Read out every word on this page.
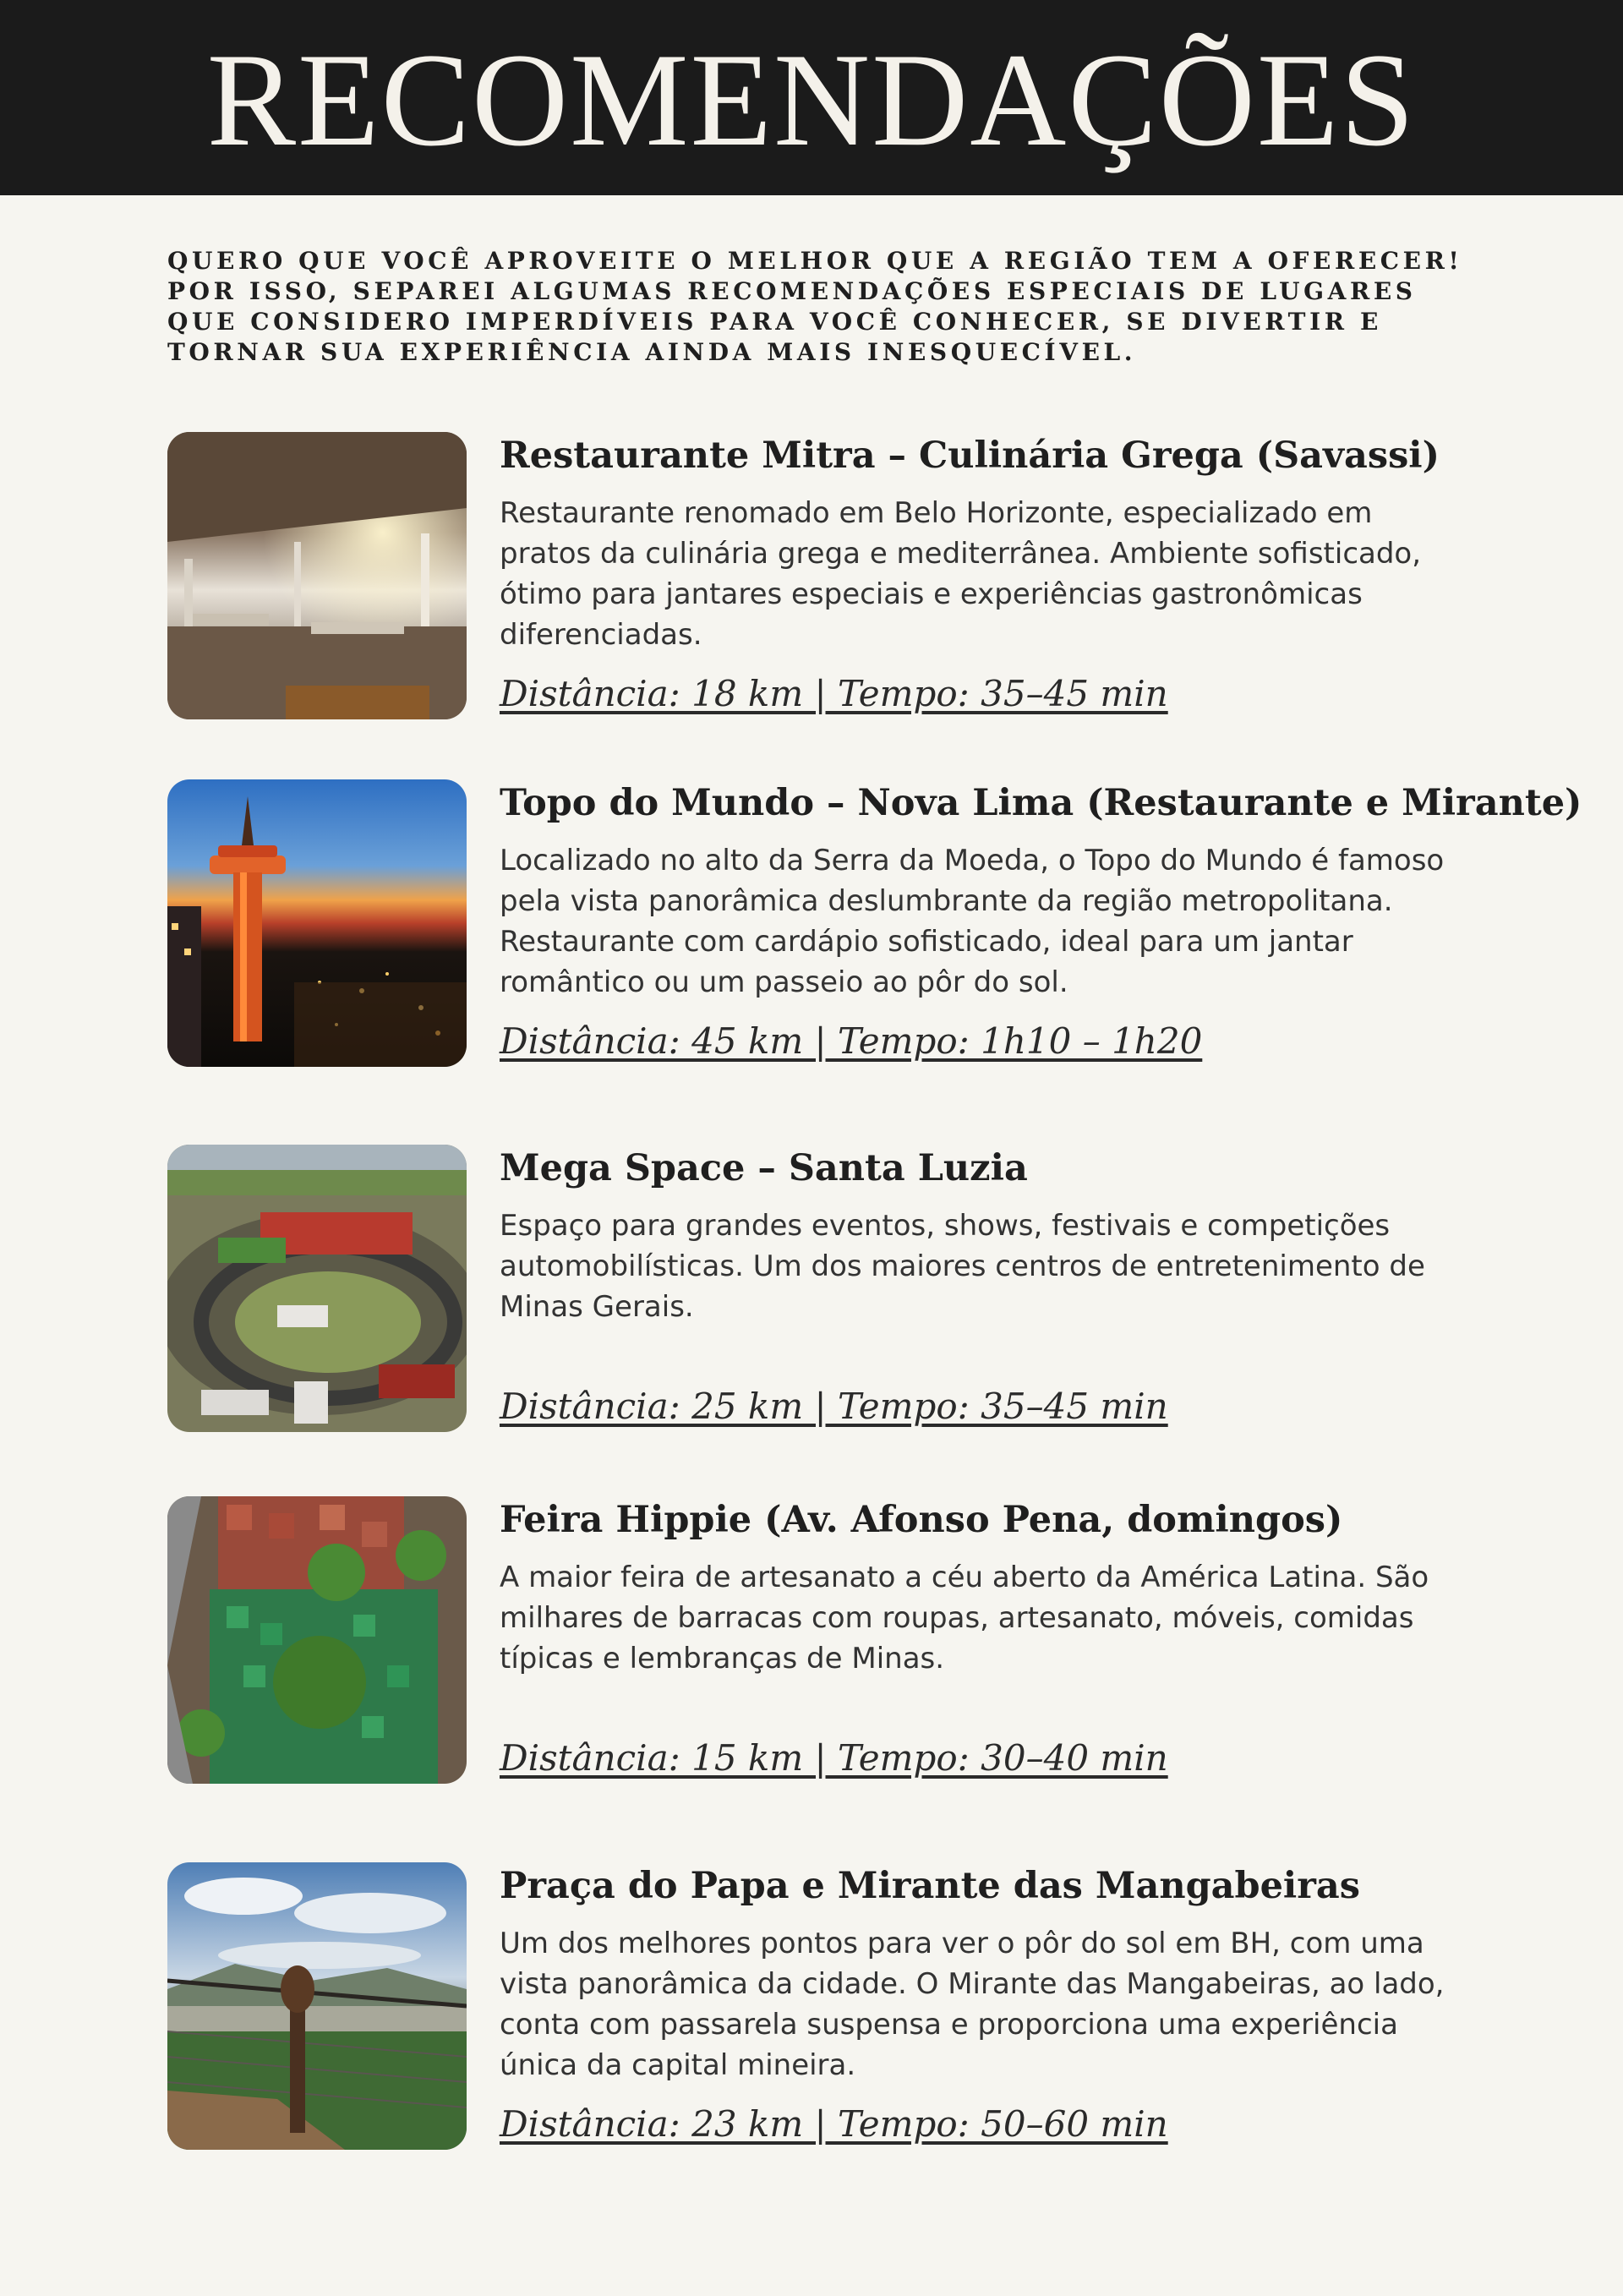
RECOMENDAÇÕES
QUERO QUE VOCÊ APROVEITE O MELHOR QUE A REGIÃO TEM A OFERECER! POR ISSO, SEPAREI ALGUMAS RECOMENDAÇÕES ESPECIAIS DE LUGARES QUE CONSIDERO IMPERDÍVEIS PARA VOCÊ CONHECER, SE DIVERTIR E TORNAR SUA EXPERIÊNCIA AINDA MAIS INESQUECÍVEL.
Restaurante Mitra – Culinária Grega (Savassi)
Restaurante renomado em Belo Horizonte, especializado em pratos da culinária grega e mediterrânea. Ambiente sofisticado, ótimo para jantares especiais e experiências gastronômicas diferenciadas.
Distância: 18 km | Tempo: 35–45 min
Topo do Mundo – Nova Lima (Restaurante e Mirante)
Localizado no alto da Serra da Moeda, o Topo do Mundo é famoso pela vista panorâmica deslumbrante da região metropolitana. Restaurante com cardápio sofisticado, ideal para um jantar romântico ou um passeio ao pôr do sol.
Distância: 45 km | Tempo: 1h10 – 1h20
Mega Space – Santa Luzia
Espaço para grandes eventos, shows, festivais e competições automobilísticas. Um dos maiores centros de entretenimento de Minas Gerais.
Distância: 25 km | Tempo: 35–45 min
Feira Hippie (Av. Afonso Pena, domingos)
A maior feira de artesanato a céu aberto da América Latina. São milhares de barracas com roupas, artesanato, móveis, comidas típicas e lembranças de Minas.
Distância: 15 km | Tempo: 30–40 min
Praça do Papa e Mirante das Mangabeiras
Um dos melhores pontos para ver o pôr do sol em BH, com uma vista panorâmica da cidade. O Mirante das Mangabeiras, ao lado, conta com passarela suspensa e proporciona uma experiência única da capital mineira.
Distância: 23 km | Tempo: 50–60 min
